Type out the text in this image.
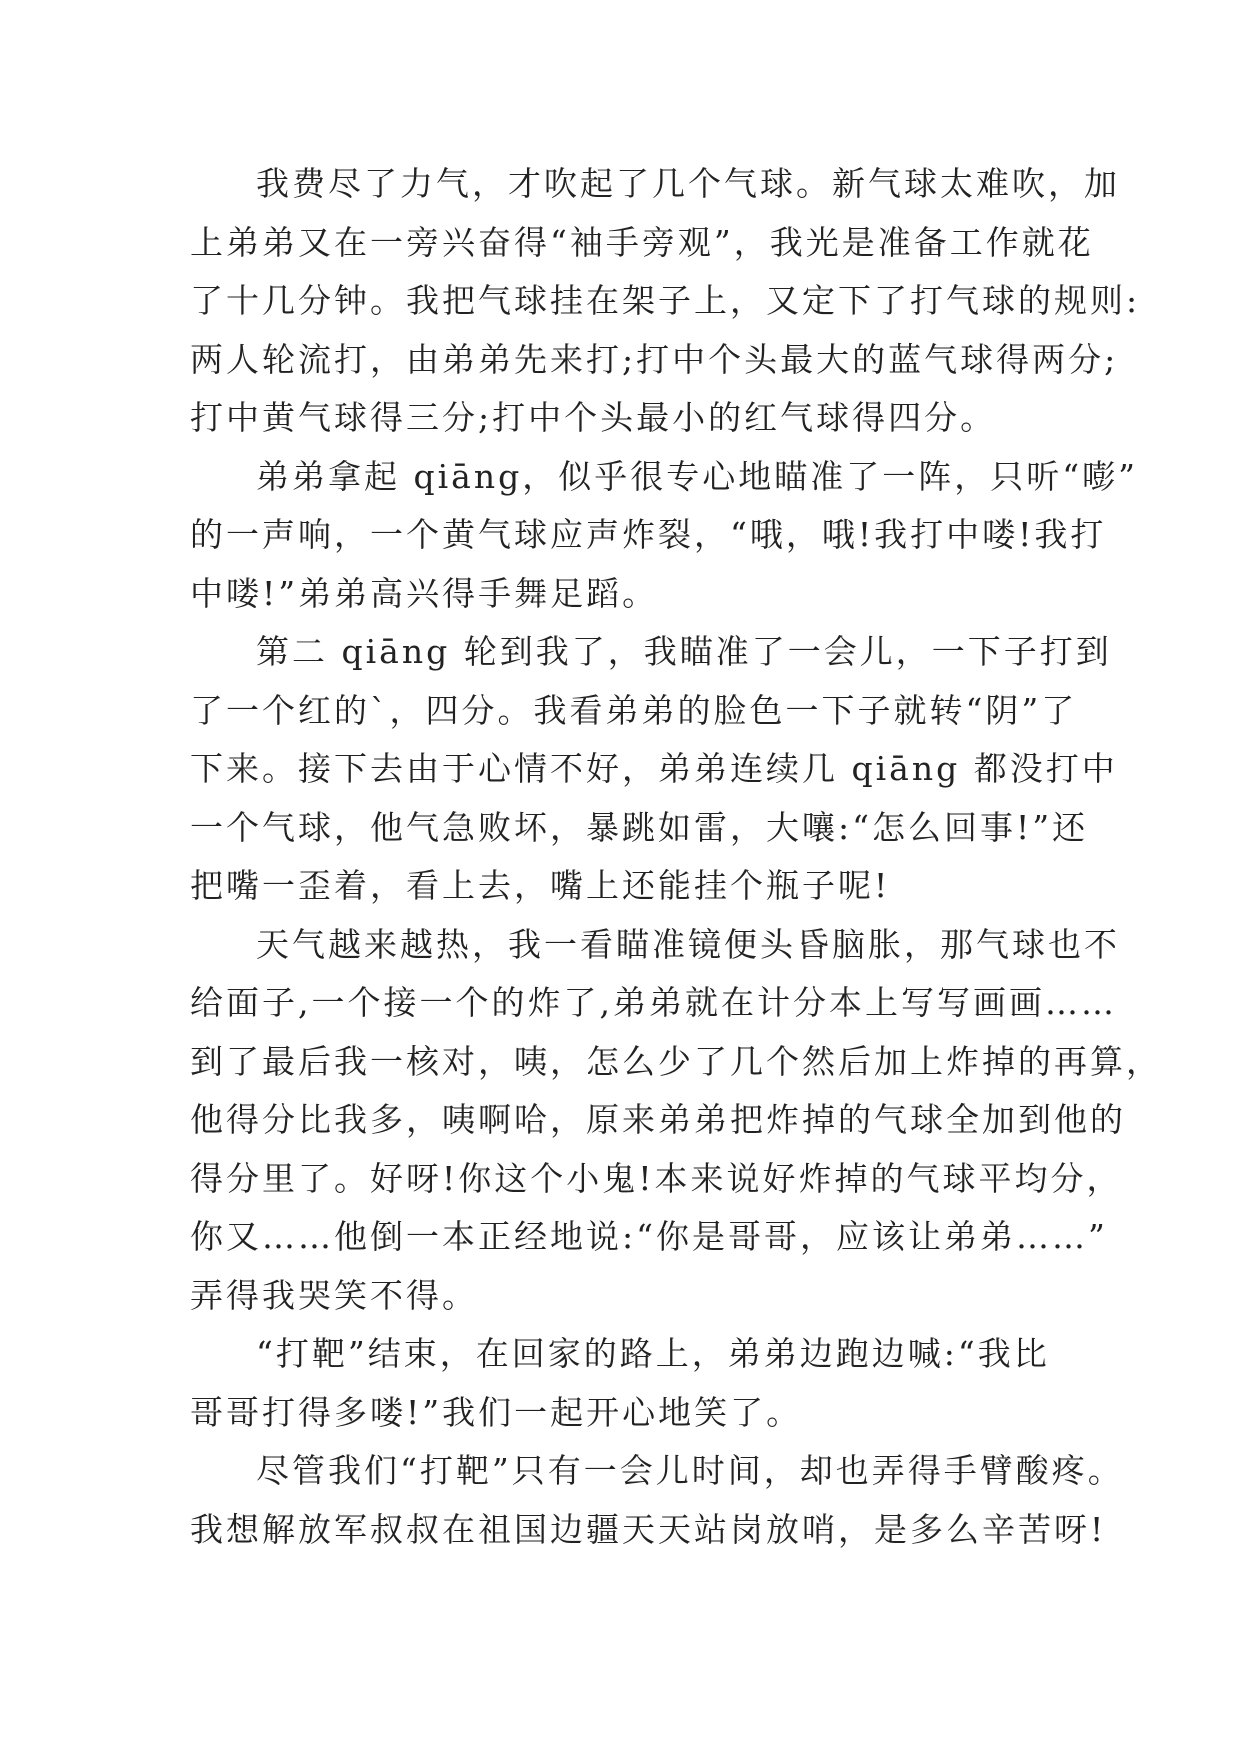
我费尽了力气，才吹起了几个气球。新气球太难吹，加
上弟弟又在一旁兴奋得“袖手旁观”，我光是准备工作就花
了十几分钟。我把气球挂在架子上，又定下了打气球的规则:
两人轮流打，由弟弟先来打;打中个头最大的蓝气球得两分;
打中黄气球得三分;打中个头最小的红气球得四分。
弟弟拿起 qiāng，似乎很专心地瞄准了一阵，只听“嘭”
的一声响，一个黄气球应声炸裂，“哦，哦!我打中喽!我打
中喽!”弟弟高兴得手舞足蹈。
第二 qiāng 轮到我了，我瞄准了一会儿，一下子打到
了一个红的`，四分。我看弟弟的脸色一下子就转“阴”了
下来。接下去由于心情不好，弟弟连续几 qiāng 都没打中
一个气球，他气急败坏，暴跳如雷，大嚷:“怎么回事!”还
把嘴一歪着，看上去，嘴上还能挂个瓶子呢!
天气越来越热，我一看瞄准镜便头昏脑胀，那气球也不
给面子,一个接一个的炸了,弟弟就在计分本上写写画画……
到了最后我一核对，咦，怎么少了几个然后加上炸掉的再算，
他得分比我多，咦啊哈，原来弟弟把炸掉的气球全加到他的
得分里了。好呀!你这个小鬼!本来说好炸掉的气球平均分，
你又……他倒一本正经地说:“你是哥哥，应该让弟弟……”
弄得我哭笑不得。
“打靶”结束，在回家的路上，弟弟边跑边喊:“我比
哥哥打得多喽!”我们一起开心地笑了。
尽管我们“打靶”只有一会儿时间，却也弄得手臂酸疼。
我想解放军叔叔在祖国边疆天天站岗放哨，是多么辛苦呀!
